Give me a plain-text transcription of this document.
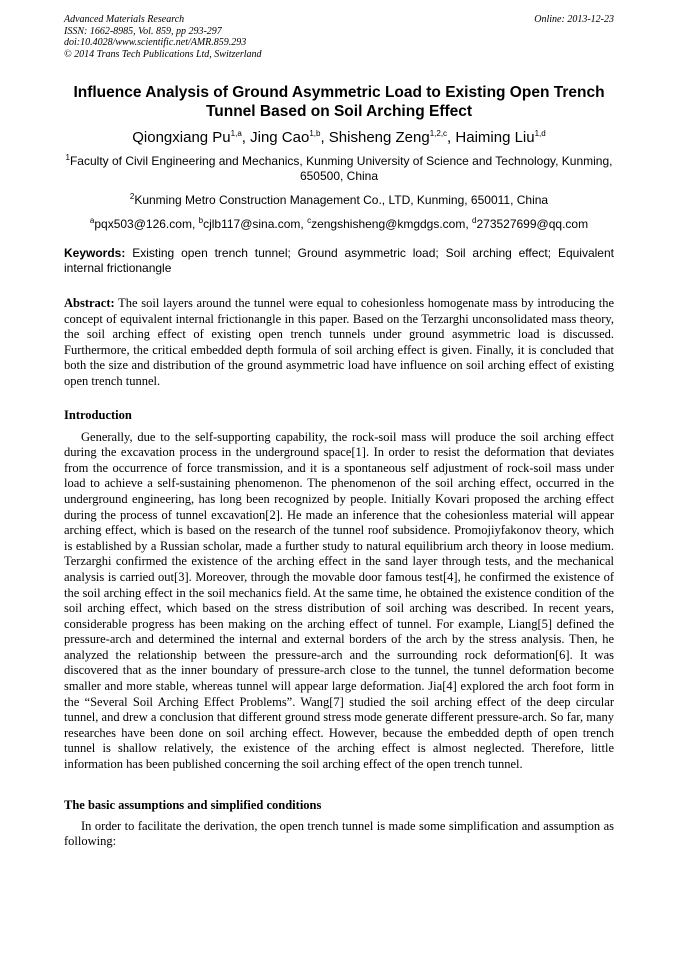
Advanced Materials Research
ISSN: 1662-8985, Vol. 859, pp 293-297
doi:10.4028/www.scientific.net/AMR.859.293
© 2014 Trans Tech Publications Ltd, Switzerland
Online: 2013-12-23
Influence Analysis of Ground Asymmetric Load to Existing Open Trench Tunnel Based on Soil Arching Effect
Qiongxiang Pu$^{1,a}$, Jing Cao$^{1,b}$, Shisheng Zeng$^{1,2,c}$, Haiming Liu$^{1,d}$
$^1$Faculty of Civil Engineering and Mechanics, Kunming University of Science and Technology, Kunming, 650500, China
$^2$Kunming Metro Construction Management Co., LTD, Kunming, 650011, China
$^a$pqx503@126.com, $^b$cjlb117@sina.com, $^c$zengshisheng@kmgdgs.com, $^d$273527699@qq.com
Keywords: Existing open trench tunnel; Ground asymmetric load; Soil arching effect; Equivalent internal frictionangle
Abstract: The soil layers around the tunnel were equal to cohesionless homogenate mass by introducing the concept of equivalent internal frictionangle in this paper. Based on the Terzarghi unconsolidated mass theory, the soil arching effect of existing open trench tunnels under ground asymmetric load is discussed. Furthermore, the critical embedded depth formula of soil arching effect is given. Finally, it is concluded that both the size and distribution of the ground asymmetric load have influence on soil arching effect of existing open trench tunnel.
Introduction
Generally, due to the self-supporting capability, the rock-soil mass will produce the soil arching effect during the excavation process in the underground space[1]. In order to resist the deformation that deviates from the occurrence of force transmission, and it is a spontaneous self adjustment of rock-soil mass under load to achieve a self-sustaining phenomenon. The phenomenon of the soil arching effect, occurred in the underground engineering, has long been recognized by people. Initially Kovari proposed the arching effect during the process of tunnel excavation[2]. He made an inference that the cohesionless material will appear arching effect, which is based on the research of the tunnel roof subsidence. Promojiyfakonov theory, which is established by a Russian scholar, made a further study to natural equilibrium arch theory in loose medium. Terzarghi confirmed the existence of the arching effect in the sand layer through tests, and the mechanical analysis is carried out[3]. Moreover, through the movable door famous test[4], he confirmed the existence of the soil arching effect in the soil mechanics field. At the same time, he obtained the existence condition of the soil arching effect, which based on the stress distribution of soil arching was described. In recent years, considerable progress has been making on the arching effect of tunnel. For example, Liang[5] defined the pressure-arch and determined the internal and external borders of the arch by the stress analysis. Then, he analyzed the relationship between the pressure-arch and the surrounding rock deformation[6]. It was discovered that as the inner boundary of pressure-arch close to the tunnel, the tunnel deformation become smaller and more stable, whereas tunnel will appear large deformation. Jia[4] explored the arch foot form in the “Several Soil Arching Effect Problems”. Wang[7] studied the soil arching effect of the deep circular tunnel, and drew a conclusion that different ground stress mode generate different pressure-arch. So far, many researches have been done on soil arching effect. However, because the embedded depth of open trench tunnel is shallow relatively, the existence of the arching effect is almost neglected. Therefore, little information has been published concerning the soil arching effect of the open trench tunnel.
The basic assumptions and simplified conditions
In order to facilitate the derivation, the open trench tunnel is made some simplification and assumption as following:
